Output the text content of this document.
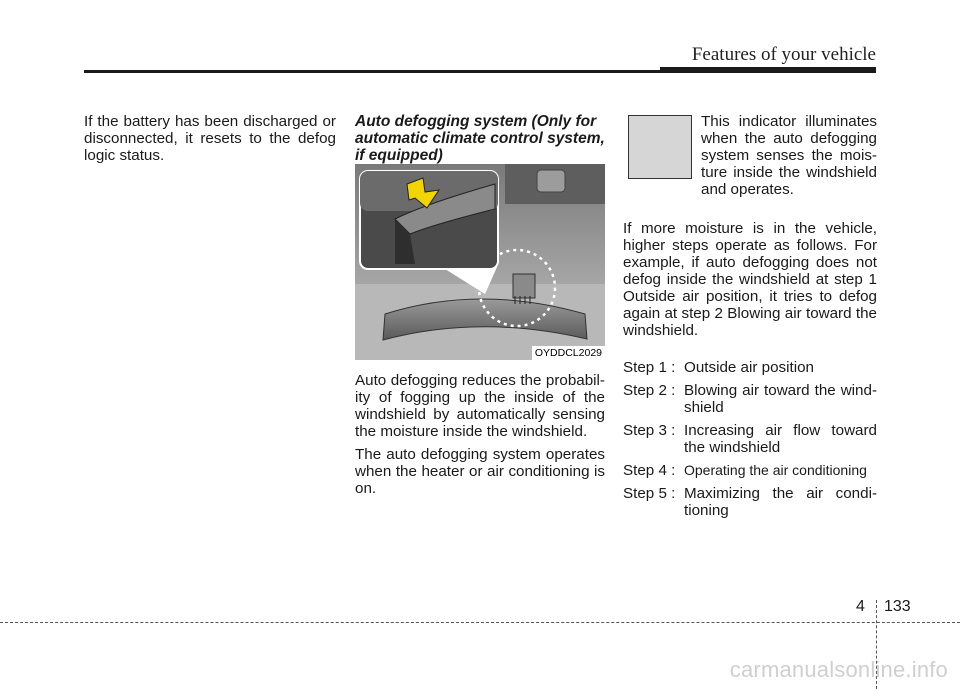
Features of your vehicle

If the battery has been discharged or disconnected, it resets to the defog logic status.

Auto defogging system (Only for automatic climate control system, if equipped)

OYDDCL2029

Auto defogging reduces the probabil- ity of fogging up the inside of the windshield by automatically sensing the moisture inside the windshield.

The auto defogging system operates when the heater or air conditioning is on.

This indicator illuminates when the auto defogging system senses the mois- ture inside the windshield and operates.

If more moisture is in the vehicle, higher steps operate as follows. For example, if auto defogging does not defog inside the windshield at step 1 Outside air position, it tries to defog again at step 2 Blowing air toward the windshield.

Step 1 : Outside air position
Step 2 : Blowing air toward the wind- shield
Step 3 : Increasing air flow toward the windshield
Step 4 : Operating the air conditioning
Step 5 : Maximizing the air condi- tioning
4 133
carmanualsonline.info
